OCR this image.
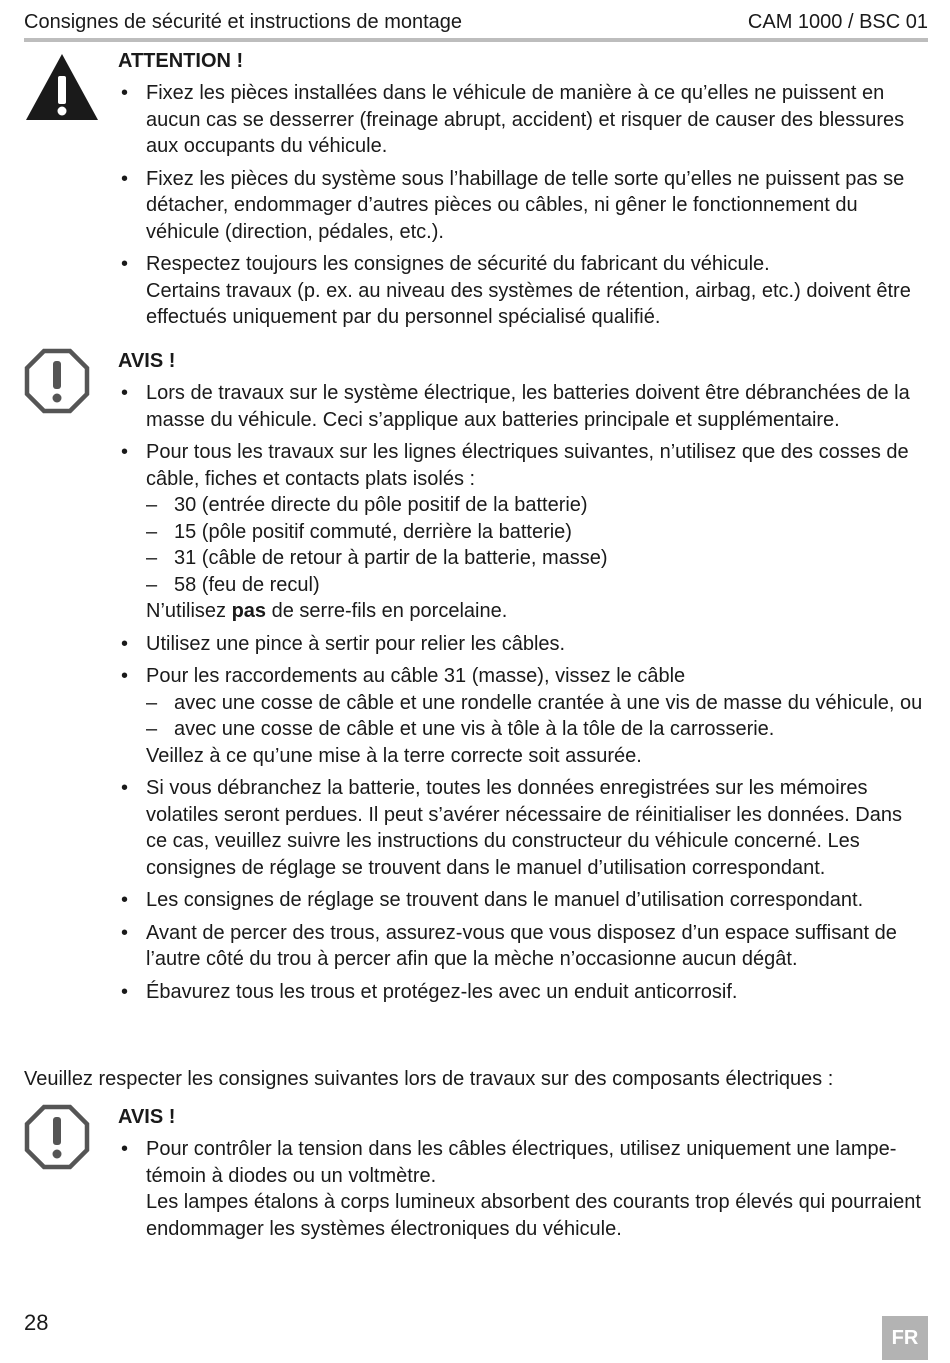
Consignes de sécurité et instructions de montage	CAM 1000 / BSC 01
ATTENTION !
• Fixez les pièces installées dans le véhicule de manière à ce qu’elles ne puissent en aucun cas se desserrer (freinage abrupt, accident) et risquer de causer des blessures aux occupants du véhicule.
• Fixez les pièces du système sous l’habillage de telle sorte qu’elles ne puissent pas se détacher, endommager d’autres pièces ou câbles, ni gêner le fonctionnement du véhicule (direction, pédales, etc.).
• Respectez toujours les consignes de sécurité du fabricant du véhicule.
Certains travaux (p. ex. au niveau des systèmes de rétention, airbag, etc.) doivent être effectués uniquement par du personnel spécialisé qualifié.
AVIS !
• Lors de travaux sur le système électrique, les batteries doivent être débranchées de la masse du véhicule. Ceci s’applique aux batteries principale et supplémentaire.
• Pour tous les travaux sur les lignes électriques suivantes, n’utilisez que des cosses de câble, fiches et contacts plats isolés :
– 30 (entrée directe du pôle positif de la batterie)
– 15 (pôle positif commuté, derrière la batterie)
– 31 (câble de retour à partir de la batterie, masse)
– 58 (feu de recul)
N’utilisez pas de serre-fils en porcelaine.
• Utilisez une pince à sertir pour relier les câbles.
• Pour les raccordements au câble 31 (masse), vissez le câble
– avec une cosse de câble et une rondelle crantée à une vis de masse du véhicule, ou
– avec une cosse de câble et une vis à tôle à la tôle de la carrosserie.
Veillez à ce qu’une mise à la terre correcte soit assurée.
• Si vous débranchez la batterie, toutes les données enregistrées sur les mémoires volatiles seront perdues. Il peut s’avérer nécessaire de réinitialiser les données. Dans ce cas, veuillez suivre les instructions du constructeur du véhicule concerné. Les consignes de réglage se trouvent dans le manuel d’utilisation correspondant.
• Les consignes de réglage se trouvent dans le manuel d’utilisation correspondant.
• Avant de percer des trous, assurez-vous que vous disposez d’un espace suffisant de l’autre côté du trou à percer afin que la mèche n’occasionne aucun dégât.
• Ébavurez tous les trous et protégez-les avec un enduit anticorrosif.
Veuillez respecter les consignes suivantes lors de travaux sur des composants électriques :
AVIS !
• Pour contrôler la tension dans les câbles électriques, utilisez uniquement une lampe-témoin à diodes ou un voltmètre.
Les lampes étalons à corps lumineux absorbent des courants trop élevés qui pourraient endommager les systèmes électroniques du véhicule.
28
FR
